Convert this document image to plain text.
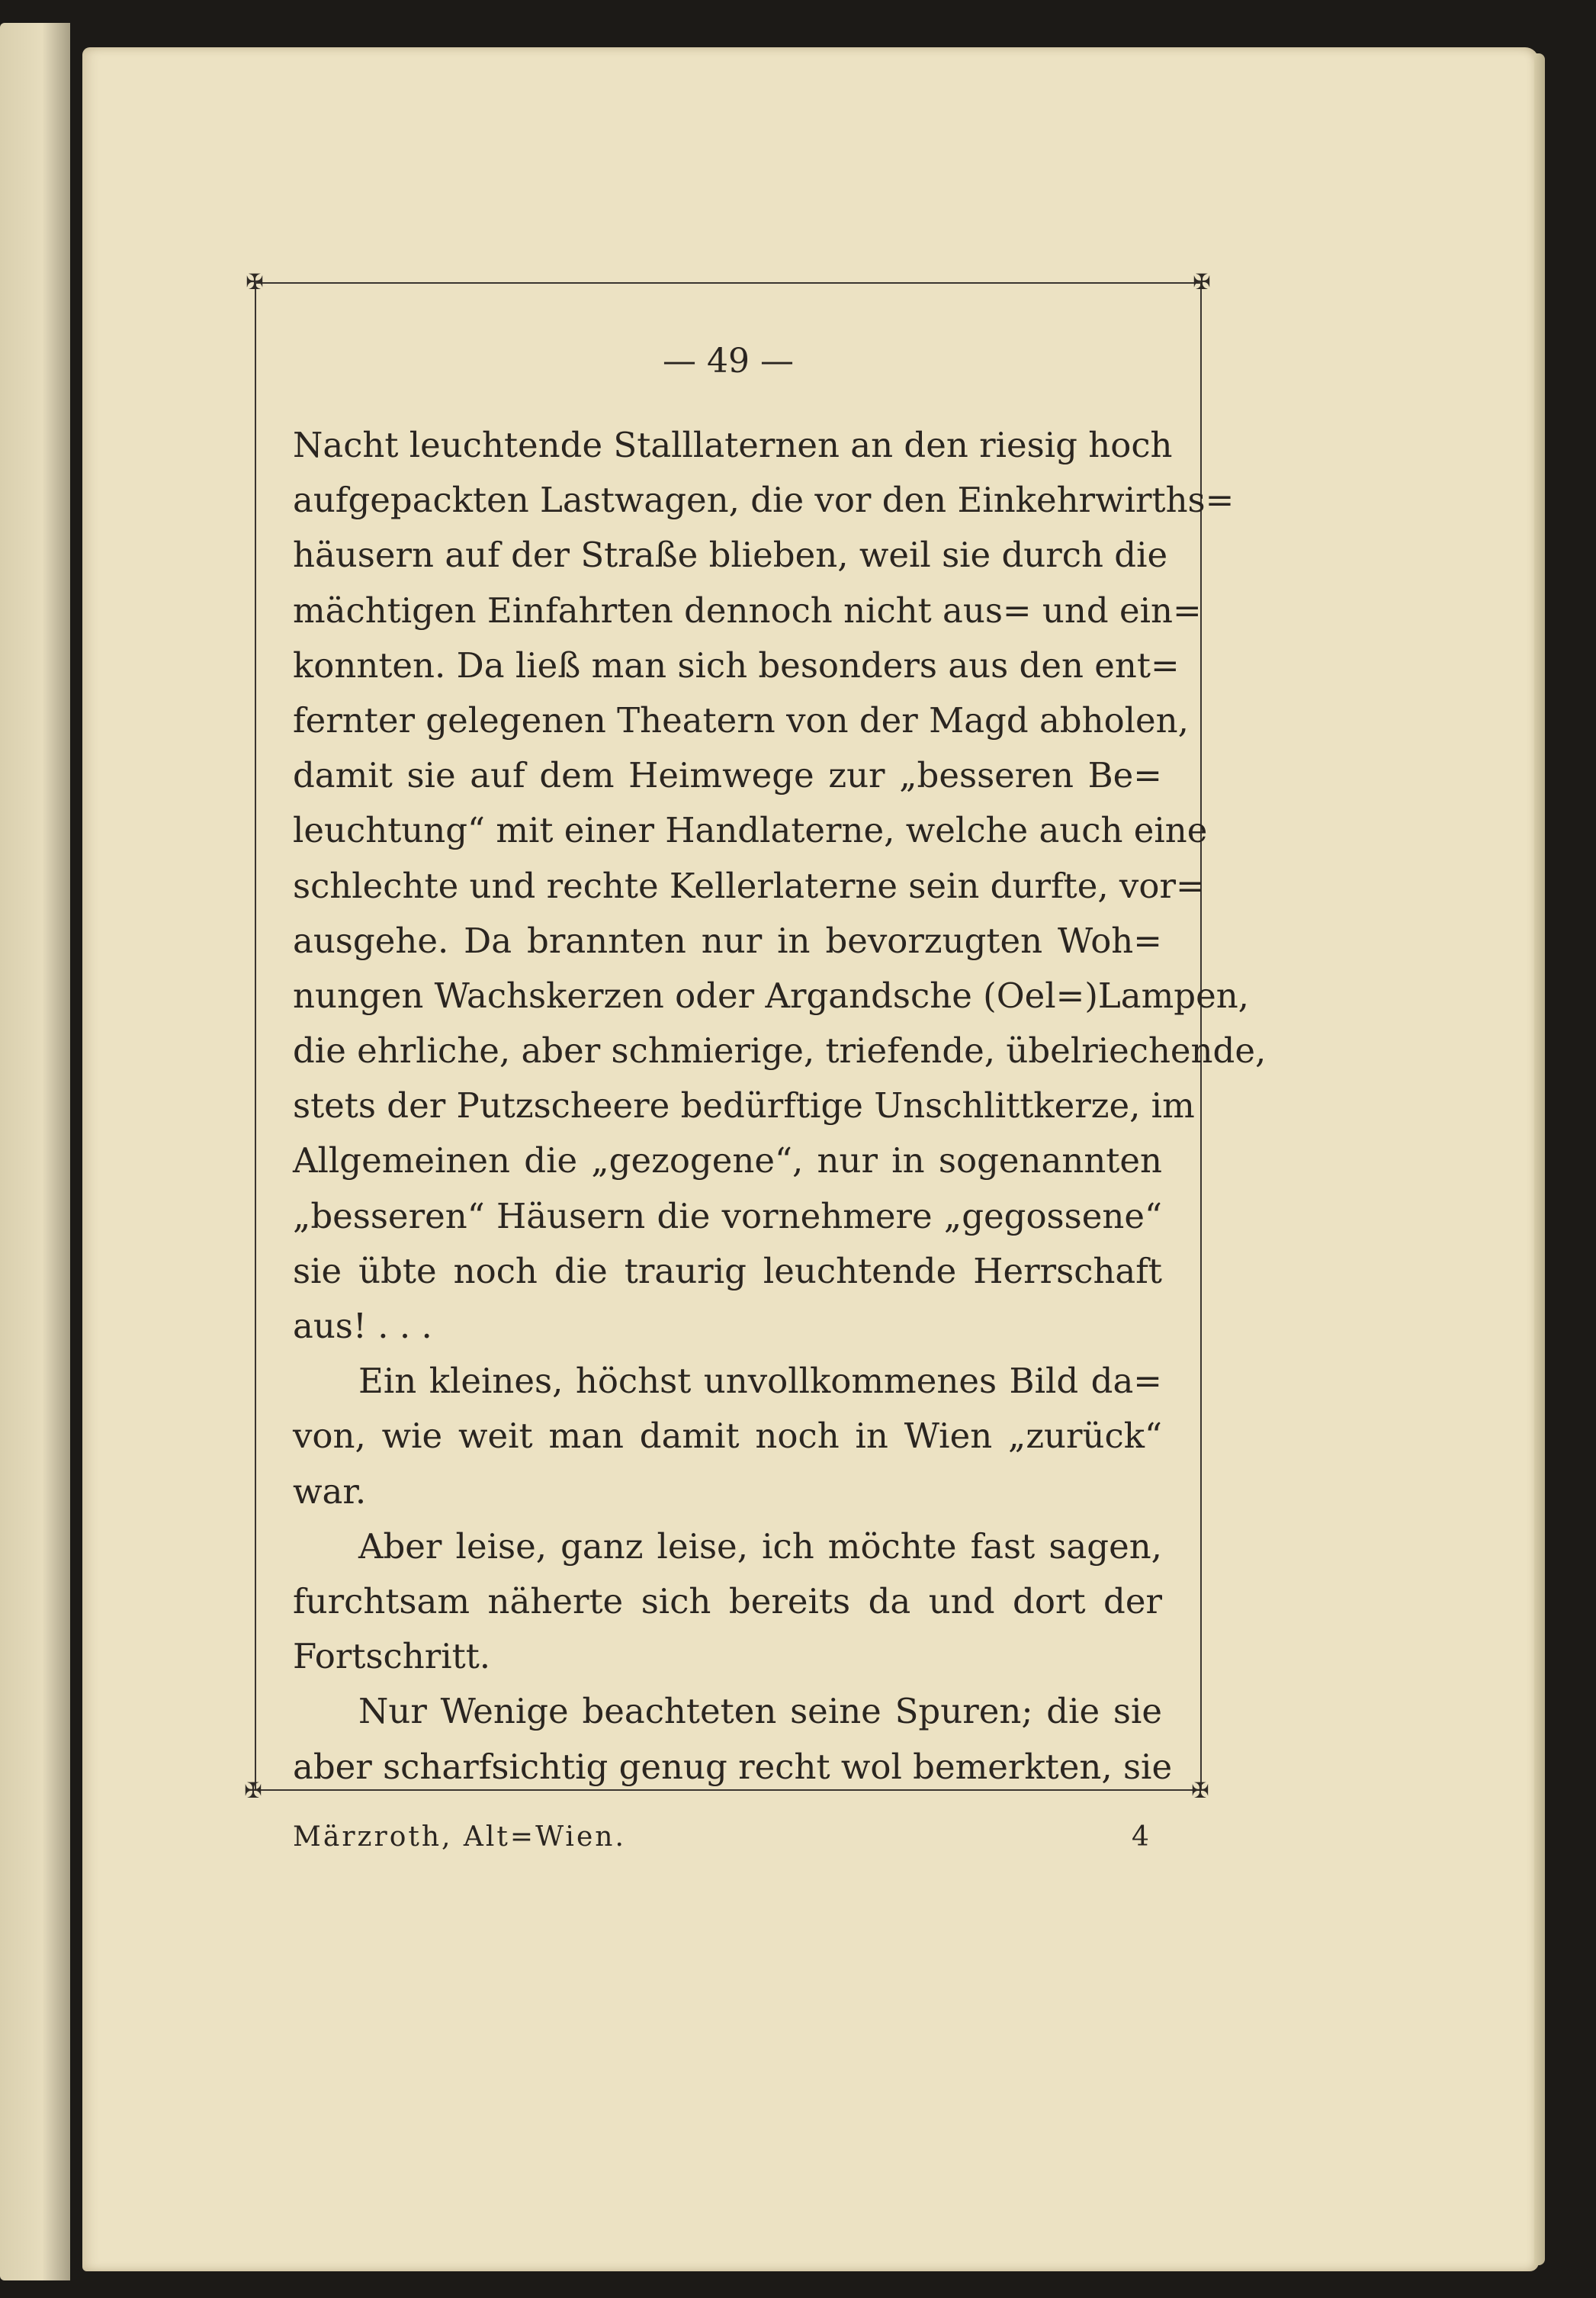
✠	✠
✠	✠
— 49 —
Nacht leuchtende Stalllaternen an den riesig hoch
aufgepackten Lastwagen, die vor den Einkehrwirths=
häusern auf der Straße blieben, weil sie durch die
mächtigen Einfahrten dennoch nicht aus= und ein=
konnten. Da ließ man sich besonders aus den ent=
fernter gelegenen Theatern von der Magd abholen,
damit sie auf dem Heimwege zur „besseren Be=
leuchtung“ mit einer Handlaterne, welche auch eine
schlechte und rechte Kellerlaterne sein durfte, vor=
ausgehe. Da brannten nur in bevorzugten Woh=
nungen Wachskerzen oder Argandsche (Oel=)Lampen,
die ehrliche, aber schmierige, triefende, übelriechende,
stets der Putzscheere bedürftige Unschlittkerze, im
Allgemeinen die „gezogene“, nur in sogenannten
„besseren“ Häusern die vornehmere „gegossene“
sie übte noch die traurig leuchtende Herrschaft
aus! . . .
Ein kleines, höchst unvollkommenes Bild da=
von, wie weit man damit noch in Wien „zurück“
war.
Aber leise, ganz leise, ich möchte fast sagen,
furchtsam näherte sich bereits da und dort der
Fortschritt.
Nur Wenige beachteten seine Spuren; die sie
aber scharfsichtig genug recht wol bemerkten, sie
Märzroth, Alt=Wien.	4
